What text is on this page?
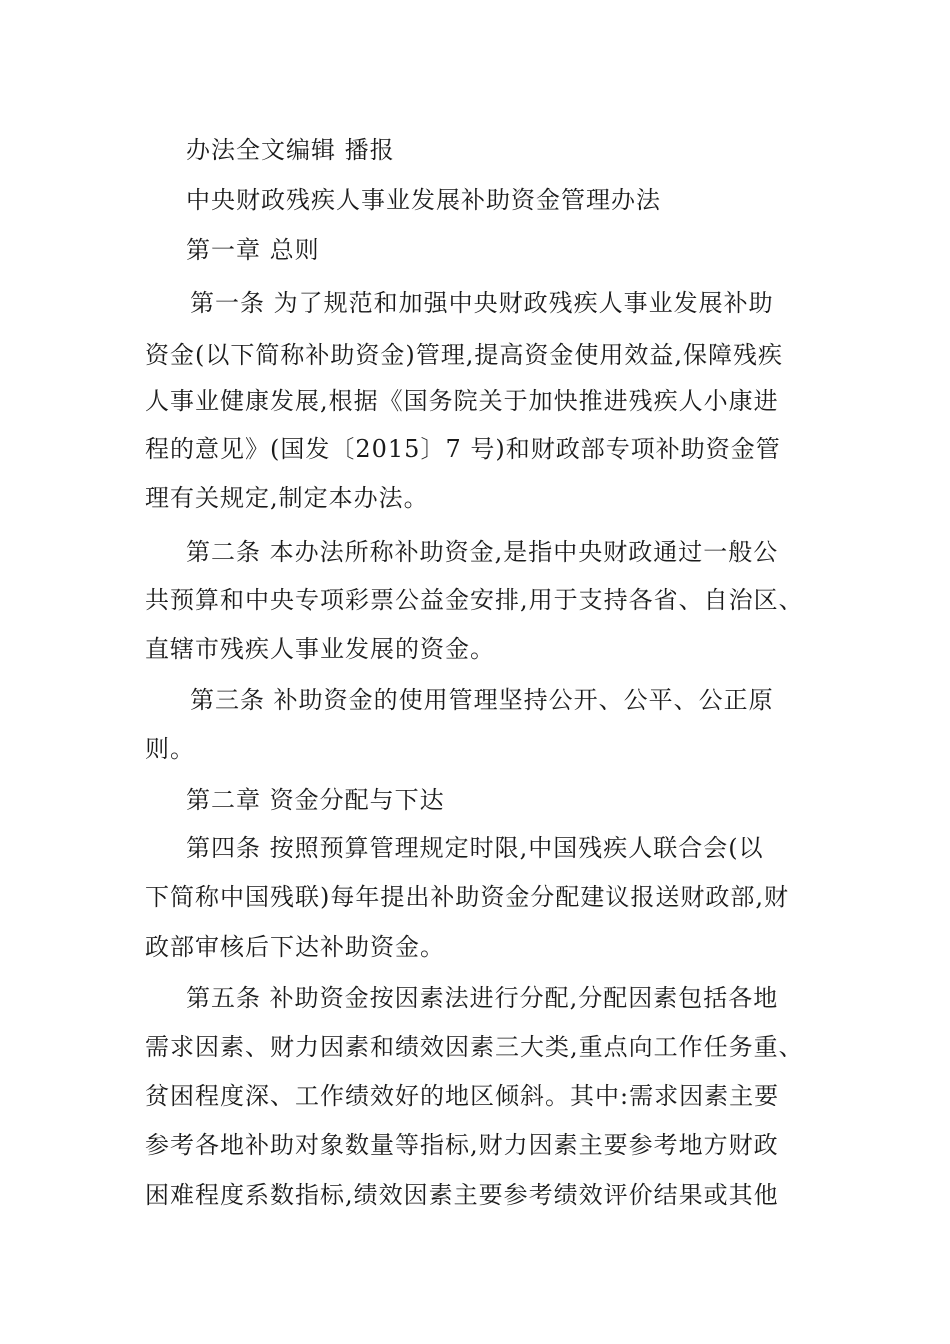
办法全文编辑 播报
中央财政残疾人事业发展补助资金管理办法
第一章 总则
第一条 为了规范和加强中央财政残疾人事业发展补助
资金(以下简称补助资金)管理,提高资金使用效益,保障残疾
人事业健康发展,根据《国务院关于加快推进残疾人小康进
程的意见》(国发〔2015〕7 号)和财政部专项补助资金管
理有关规定,制定本办法。
第二条 本办法所称补助资金,是指中央财政通过一般公
共预算和中央专项彩票公益金安排,用于支持各省、自治区、
直辖市残疾人事业发展的资金。
第三条 补助资金的使用管理坚持公开、公平、公正原
则。
第二章 资金分配与下达
第四条 按照预算管理规定时限,中国残疾人联合会(以
下简称中国残联)每年提出补助资金分配建议报送财政部,财
政部审核后下达补助资金。
第五条 补助资金按因素法进行分配,分配因素包括各地
需求因素、财力因素和绩效因素三大类,重点向工作任务重、
贫困程度深、工作绩效好的地区倾斜。其中:需求因素主要
参考各地补助对象数量等指标,财力因素主要参考地方财政
困难程度系数指标,绩效因素主要参考绩效评价结果或其他
